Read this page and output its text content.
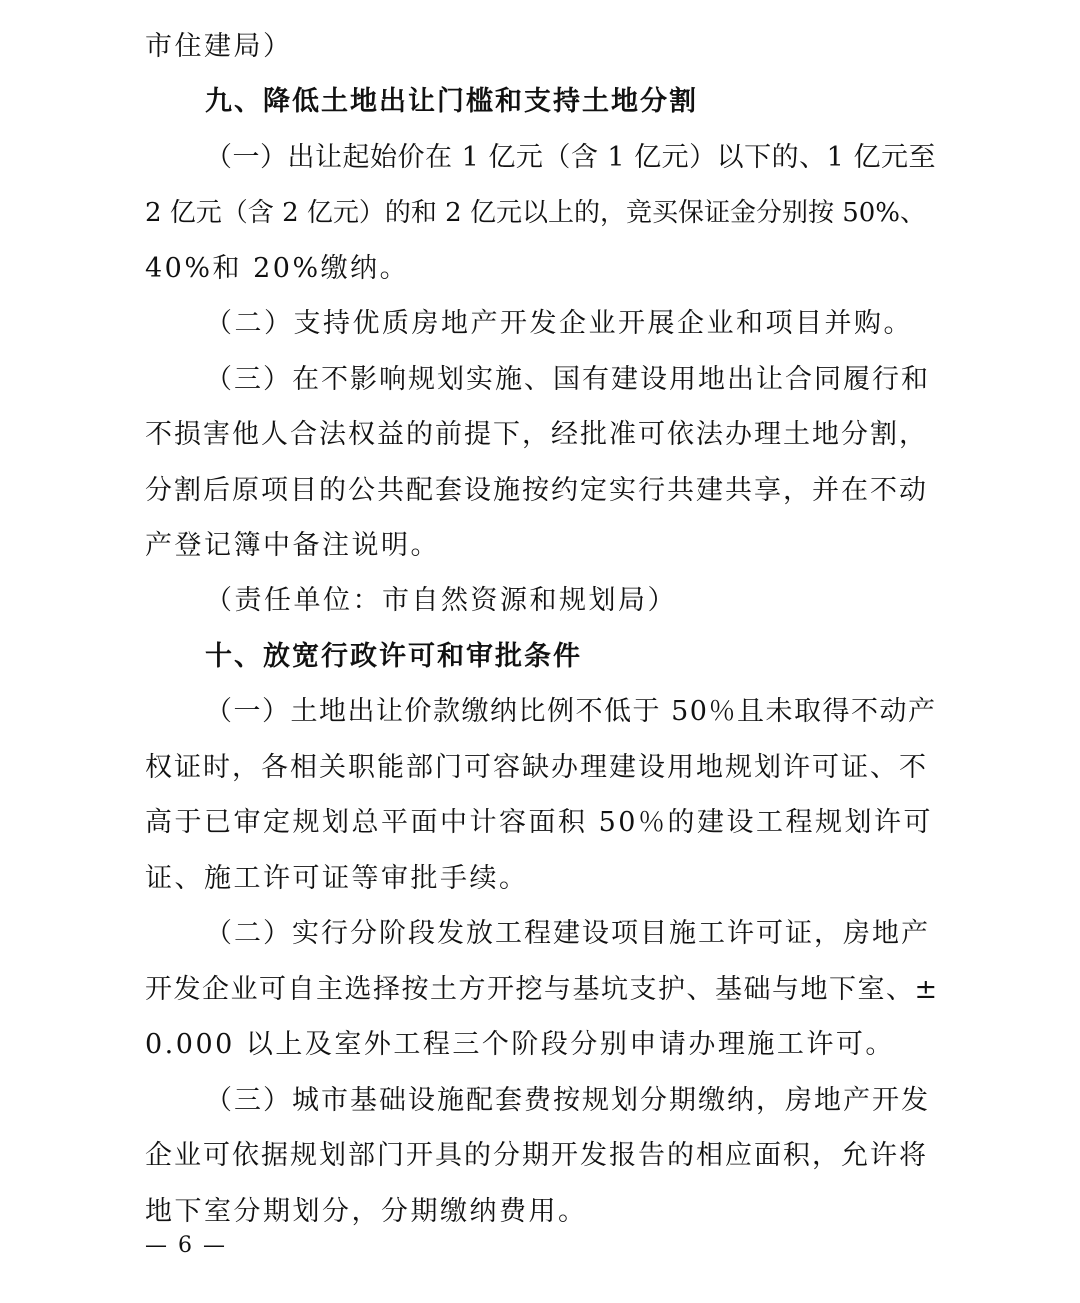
市住建局）
九、降低土地出让门槛和支持土地分割
（一）出让起始价在 1 亿元（含 1 亿元）以下的、1 亿元至
2 亿元（含 2 亿元）的和 2 亿元以上的，竞买保证金分别按 50%、
40%和 20%缴纳。
（二）支持优质房地产开发企业开展企业和项目并购。
（三）在不影响规划实施、国有建设用地出让合同履行和
不损害他人合法权益的前提下，经批准可依法办理土地分割，
分割后原项目的公共配套设施按约定实行共建共享，并在不动
产登记簿中备注说明。
（责任单位：市自然资源和规划局）
十、放宽行政许可和审批条件
（一）土地出让价款缴纳比例不低于 50％且未取得不动产
权证时，各相关职能部门可容缺办理建设用地规划许可证、不
高于已审定规划总平面中计容面积 50％的建设工程规划许可
证、施工许可证等审批手续。
（二）实行分阶段发放工程建设项目施工许可证，房地产
开发企业可自主选择按土方开挖与基坑支护、基础与地下室、±
0.000 以上及室外工程三个阶段分别申请办理施工许可。
（三）城市基础设施配套费按规划分期缴纳，房地产开发
企业可依据规划部门开具的分期开发报告的相应面积，允许将
地下室分期划分，分期缴纳费用。
— 6 —
